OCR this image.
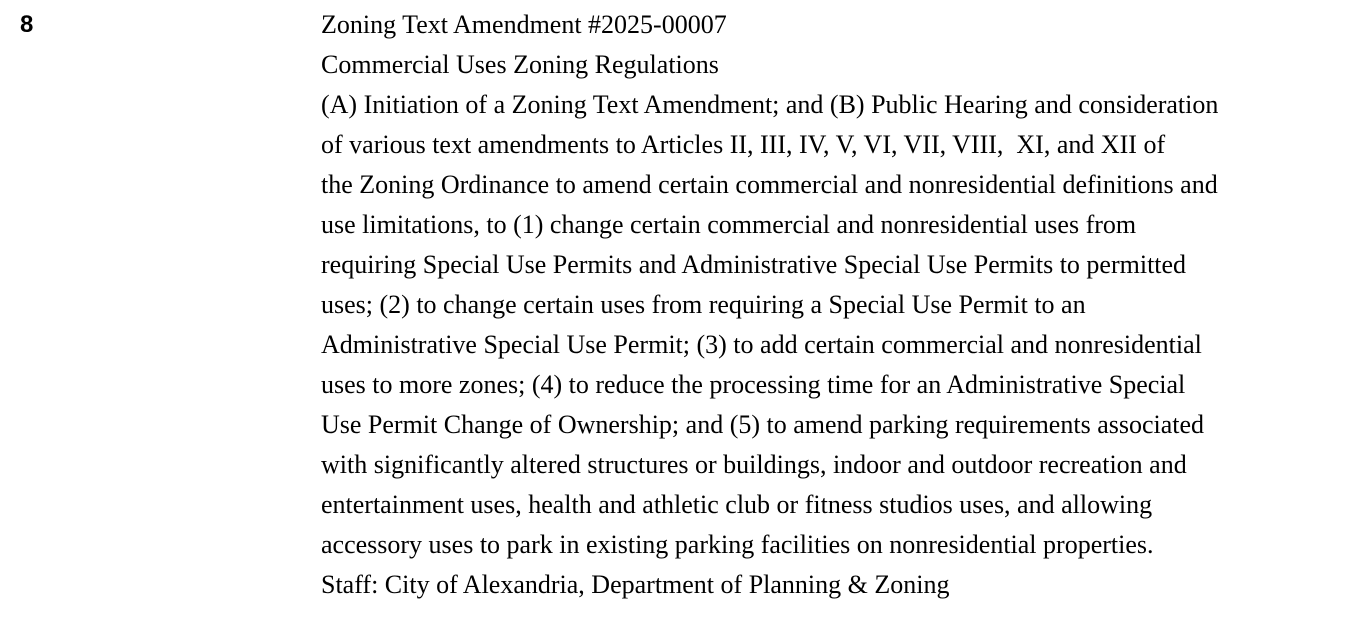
8	Zoning Text Amendment #2025-00007
Commercial Uses Zoning Regulations
(A) Initiation of a Zoning Text Amendment; and (B) Public Hearing and consideration
of various text amendments to Articles II, III, IV, V, VI, VII, VIII,  XI, and XII of
the Zoning Ordinance to amend certain commercial and nonresidential definitions and
use limitations, to (1) change certain commercial and nonresidential uses from
requiring Special Use Permits and Administrative Special Use Permits to permitted
uses; (2) to change certain uses from requiring a Special Use Permit to an
Administrative Special Use Permit; (3) to add certain commercial and nonresidential
uses to more zones; (4) to reduce the processing time for an Administrative Special
Use Permit Change of Ownership; and (5) to amend parking requirements associated
with significantly altered structures or buildings, indoor and outdoor recreation and
entertainment uses, health and athletic club or fitness studios uses, and allowing
accessory uses to park in existing parking facilities on nonresidential properties.
Staff: City of Alexandria, Department of Planning & Zoning
